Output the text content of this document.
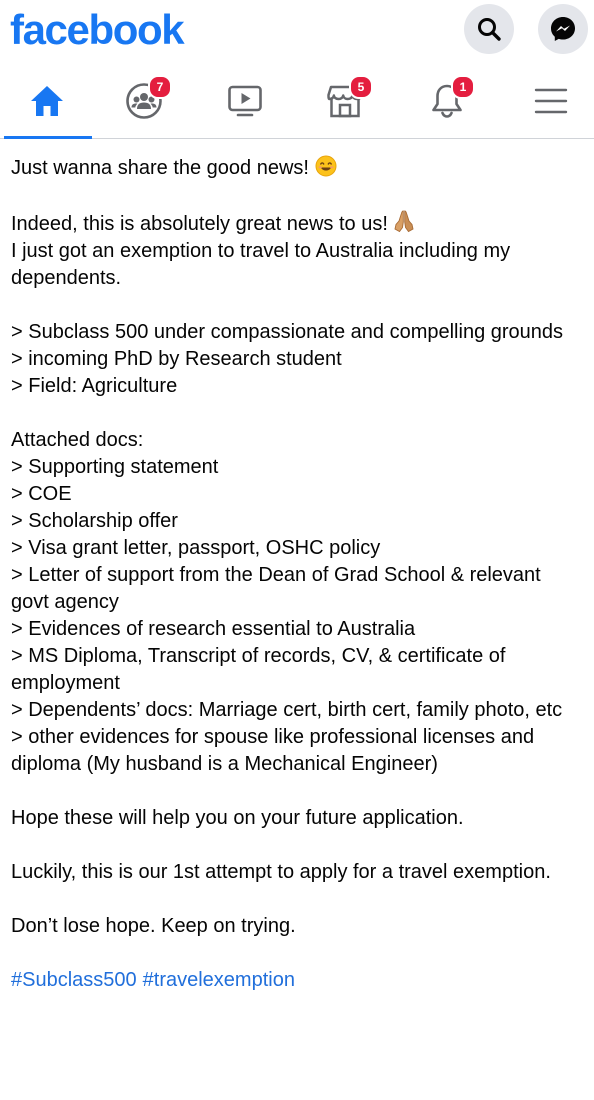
facebook
7	5	1

Just wanna share the good news!

Indeed, this is absolutely great news to us!
I just got an exemption to travel to Australia including my dependents.

> Subclass 500 under compassionate and compelling grounds
> incoming PhD by Research student
> Field: Agriculture

Attached docs:
> Supporting statement
> COE
> Scholarship offer
> Visa grant letter, passport, OSHC policy
> Letter of support from the Dean of Grad School & relevant govt agency
> Evidences of research essential to Australia
> MS Diploma, Transcript of records, CV, & certificate of employment
> Dependents’ docs: Marriage cert, birth cert, family photo, etc
> other evidences for spouse like professional licenses and diploma (My husband is a Mechanical Engineer)

Hope these will help you on your future application.

Luckily, this is our 1st attempt to apply for a travel exemption.

Don’t lose hope. Keep on trying.

#Subclass500 #travelexemption
